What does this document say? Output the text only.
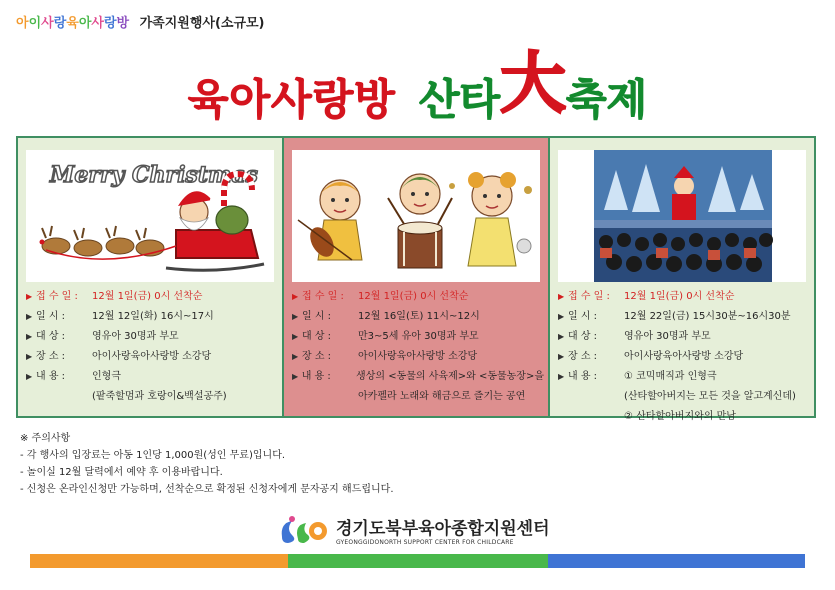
아이사랑육아사랑방 가족지원행사(소규모)
육아사랑방 산타大축제
Merry Christmas
▶ 접 수 일 :	12월 1일(금) 0시 선착순
▶ 일 시 :	12월 12일(화) 16시~17시
▶ 대 상 :	영유아 30명과 부모
▶ 장 소 :	아이사랑육아사랑방 소강당
▶ 내 용 :	인형극
(팥죽할멈과 호랑이&백설공주)
▶ 접 수 일 :	12월 1일(금) 0시 선착순
▶ 일 시 :	12월 16일(토) 11시~12시
▶ 대 상 :	만3~5세 유아 30명과 부모
▶ 장 소 :	아이사랑육아사랑방 소강당
▶ 내 용 :	생상의 <동물의 사육제>와 <동물농장>을
아카펠라 노래와 해금으로 즐기는 공연
▶ 접 수 일 :	12월 1일(금) 0시 선착순
▶ 일 시 :	12월 22일(금) 15시30분~16시30분
▶ 대 상 :	영유아 30명과 부모
▶ 장 소 :	아이사랑육아사랑방 소강당
▶ 내 용 :	① 코믹매직과 인형극
(산타할아버지는 모든 것을 알고계신데)
② 산타할아버지와의 만남
※ 주의사항
- 각 행사의 입장료는 아동 1인당 1,000원(성인 무료)입니다.
- 놀이실 12월 달력에서 예약 후 이용바랍니다.
- 신청은 온라인신청만 가능하며, 선착순으로 확정된 신청자에게 문자공지 해드립니다.
경기도북부육아종합지원센터
GYEONGGIDONORTH SUPPORT CENTER FOR CHILDCARE
